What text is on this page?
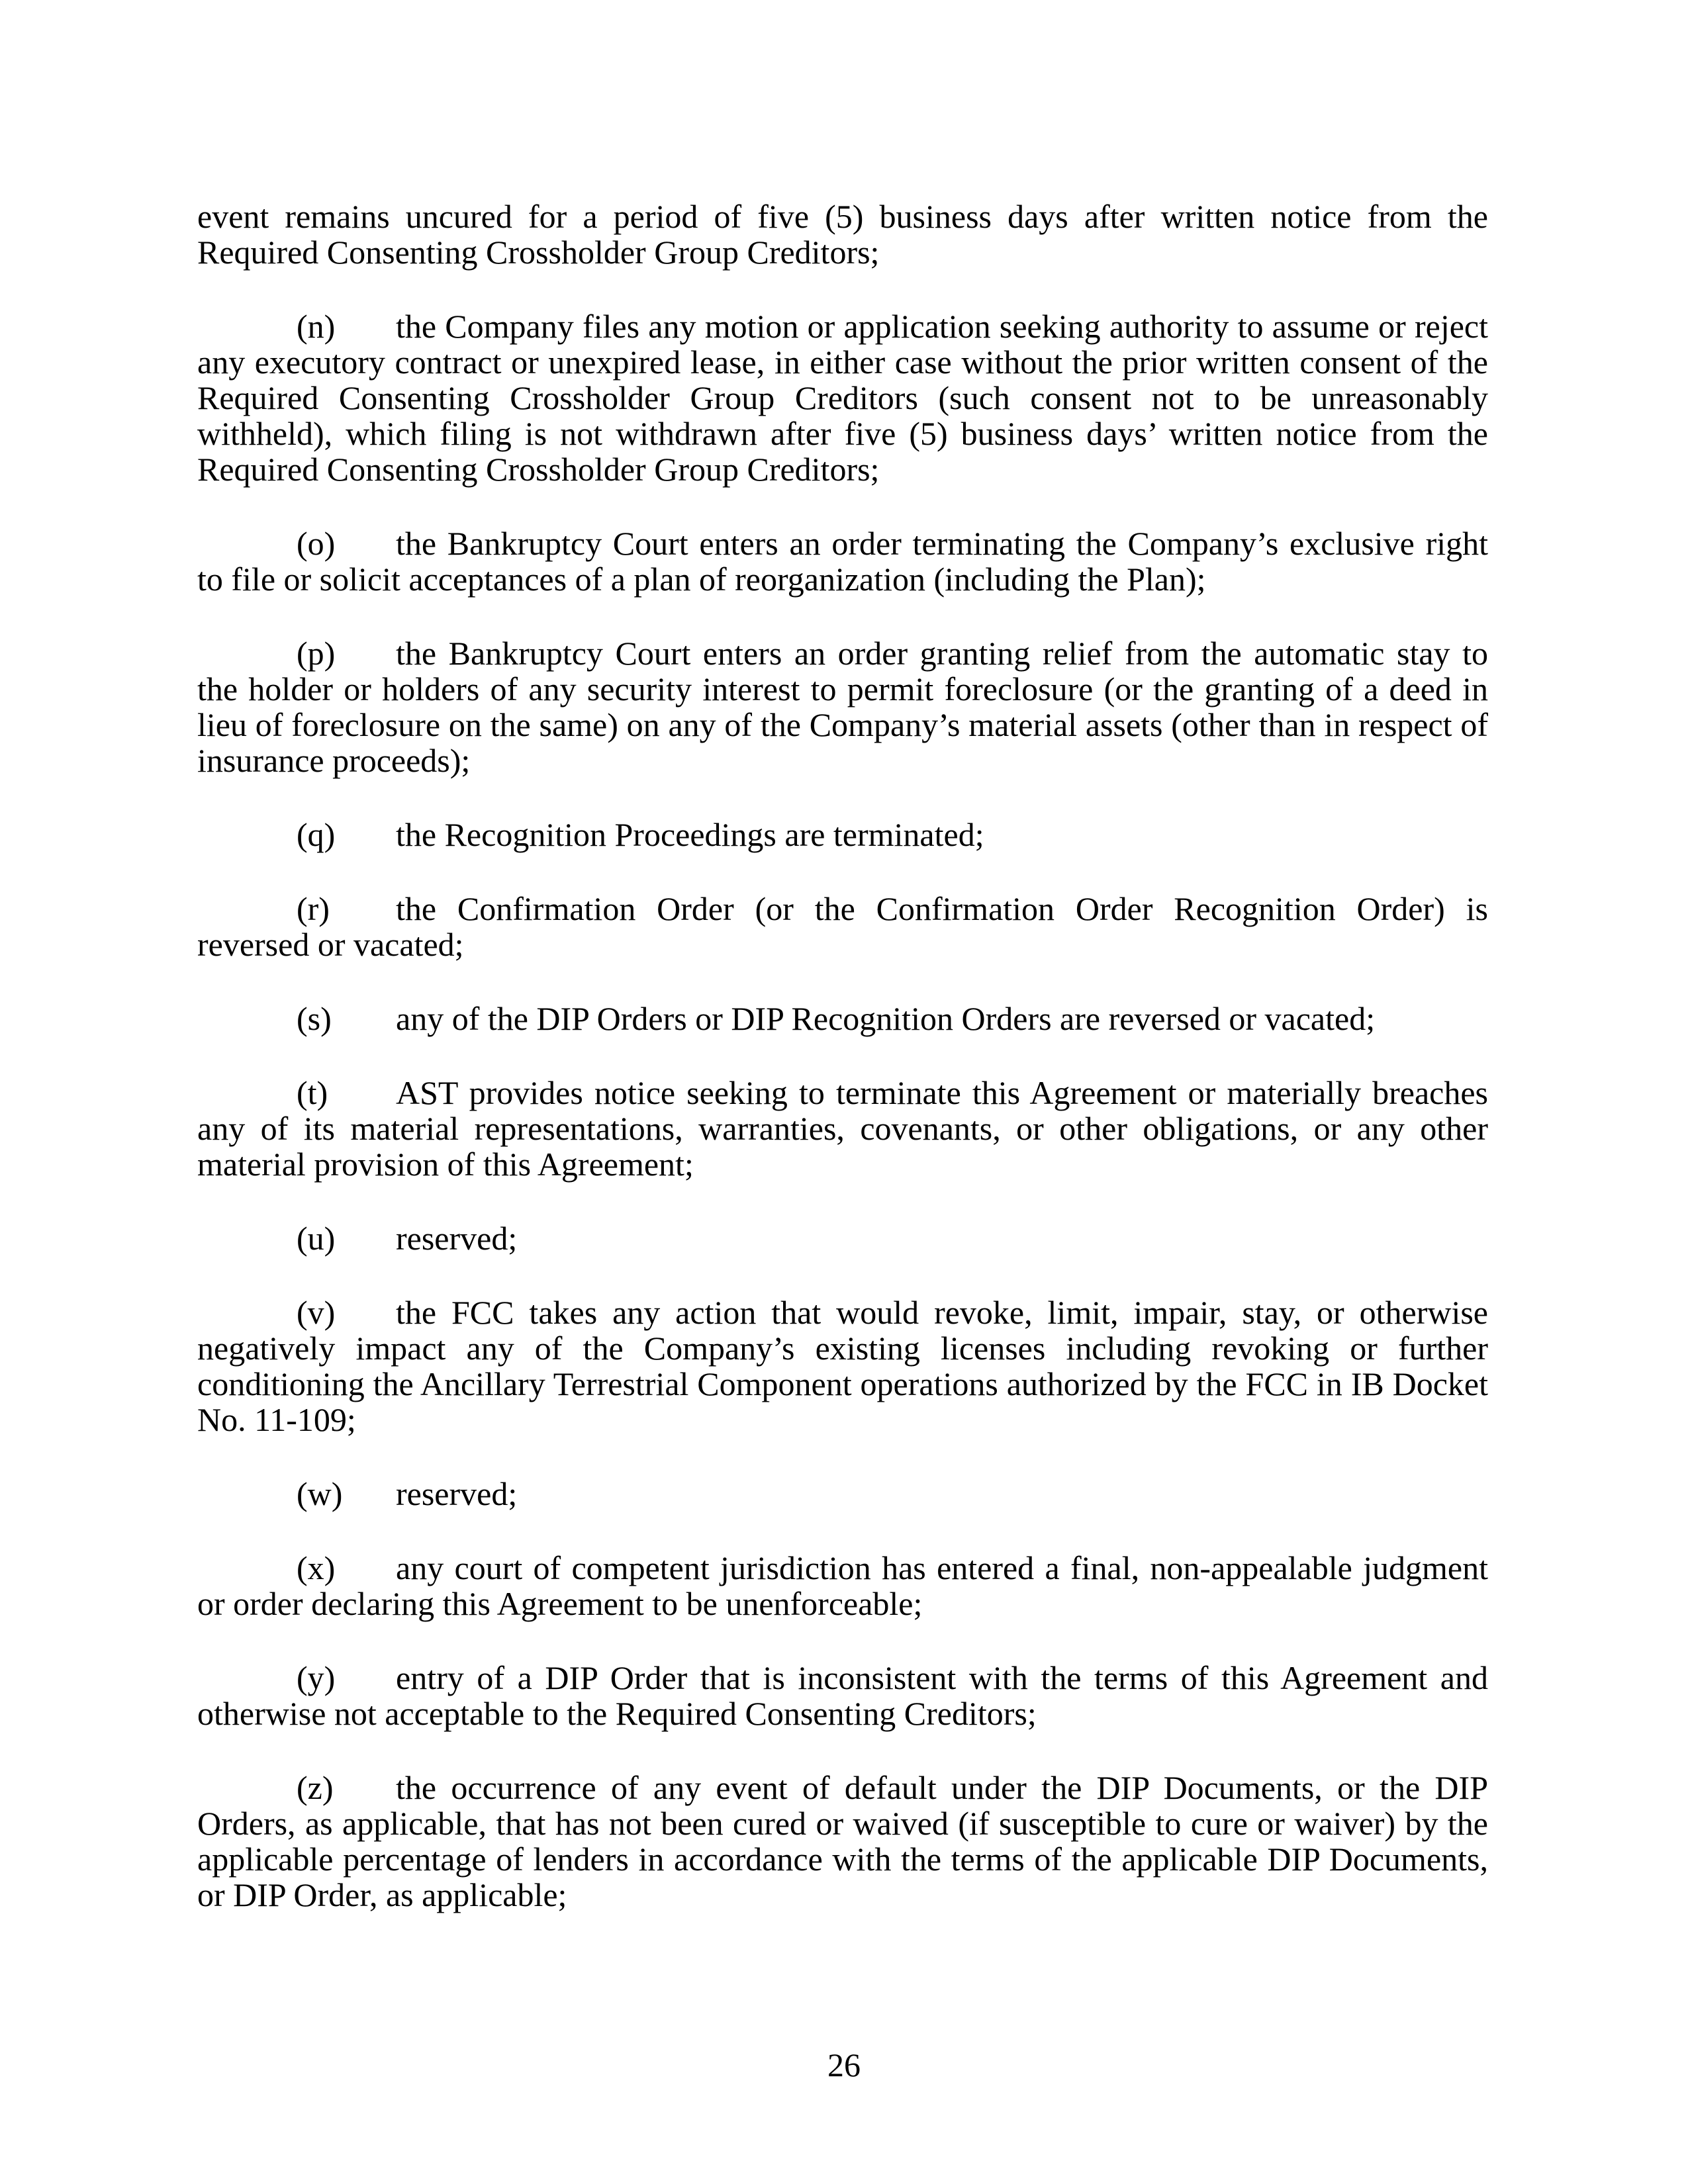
event remains uncured for a period of five (5) business days after written notice from the Required Consenting Crossholder Group Creditors;

(n) the Company files any motion or application seeking authority to assume or reject any executory contract or unexpired lease, in either case without the prior written consent of the Required Consenting Crossholder Group Creditors (such consent not to be unreasonably withheld), which filing is not withdrawn after five (5) business days’ written notice from the Required Consenting Crossholder Group Creditors;

(o) the Bankruptcy Court enters an order terminating the Company’s exclusive right to file or solicit acceptances of a plan of reorganization (including the Plan);

(p) the Bankruptcy Court enters an order granting relief from the automatic stay to the holder or holders of any security interest to permit foreclosure (or the granting of a deed in lieu of foreclosure on the same) on any of the Company’s material assets (other than in respect of insurance proceeds);

(q) the Recognition Proceedings are terminated;

(r) the Confirmation Order (or the Confirmation Order Recognition Order) is reversed or vacated;

(s) any of the DIP Orders or DIP Recognition Orders are reversed or vacated;

(t) AST provides notice seeking to terminate this Agreement or materially breaches any of its material representations, warranties, covenants, or other obligations, or any other material provision of this Agreement;

(u) reserved;

(v) the FCC takes any action that would revoke, limit, impair, stay, or otherwise negatively impact any of the Company’s existing licenses including revoking or further conditioning the Ancillary Terrestrial Component operations authorized by the FCC in IB Docket No. 11-109;

(w) reserved;

(x) any court of competent jurisdiction has entered a final, non-appealable judgment or order declaring this Agreement to be unenforceable;

(y) entry of a DIP Order that is inconsistent with the terms of this Agreement and otherwise not acceptable to the Required Consenting Creditors;

(z) the occurrence of any event of default under the DIP Documents, or the DIP Orders, as applicable, that has not been cured or waived (if susceptible to cure or waiver) by the applicable percentage of lenders in accordance with the terms of the applicable DIP Documents, or DIP Order, as applicable;

26
